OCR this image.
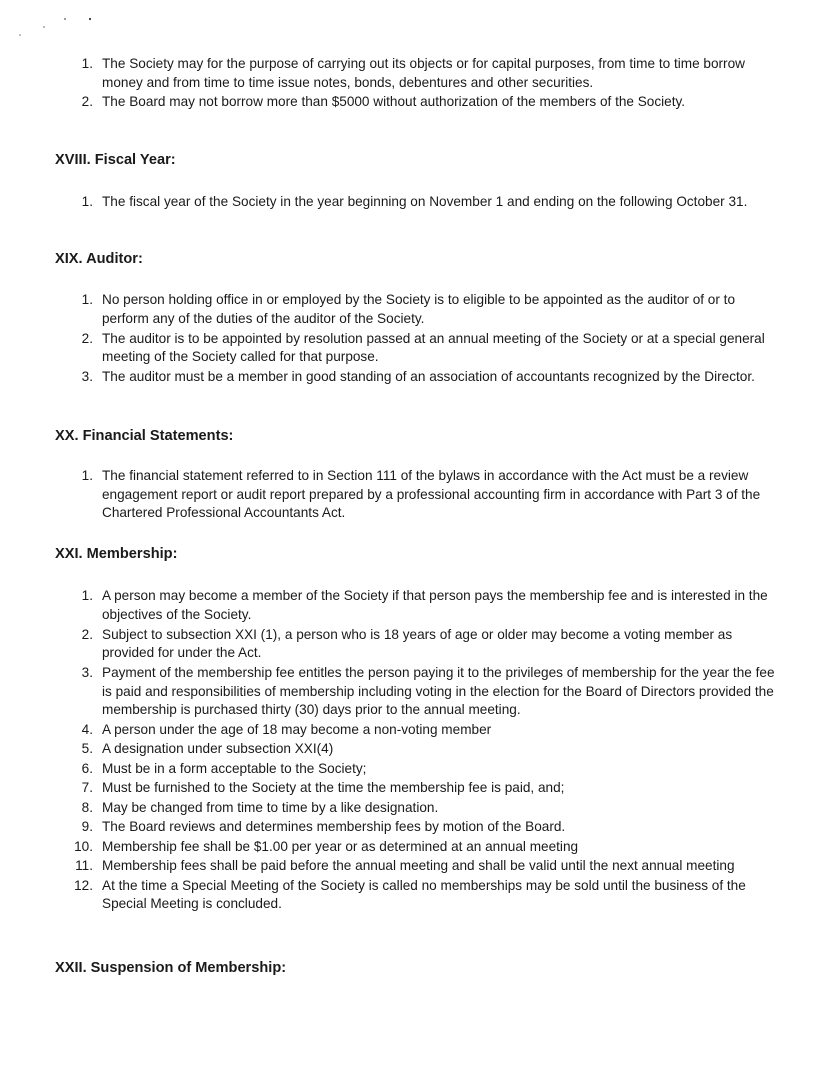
1. The Society may for the purpose of carrying out its objects or for capital purposes, from time to time borrow money and from time to time issue notes, bonds, debentures and other securities.
2. The Board may not borrow more than $5000 without authorization of the members of the Society.
XVIII. Fiscal Year:
1. The fiscal year of the Society in the year beginning on November 1 and ending on the following October 31.
XIX. Auditor:
1. No person holding office in or employed by the Society is to eligible to be appointed as the auditor of or to perform any of the duties of the auditor of the Society.
2. The auditor is to be appointed by resolution passed at an annual meeting of the Society or at a special general meeting of the Society called for that purpose.
3. The auditor must be a member in good standing of an association of accountants recognized by the Director.
XX. Financial Statements:
1. The financial statement referred to in Section 111 of the bylaws in accordance with the Act must be a review engagement report or audit report prepared by a professional accounting firm in accordance with Part 3 of the Chartered Professional Accountants Act.
XXI. Membership:
1. A person may become a member of the Society if that person pays the membership fee and is interested in the objectives of the Society.
2. Subject to subsection XXI (1), a person who is 18 years of age or older may become a voting member as provided for under the Act.
3. Payment of the membership fee entitles the person paying it to the privileges of membership for the year the fee is paid and responsibilities of membership including voting in the election for the Board of Directors provided the membership is purchased thirty (30) days prior to the annual meeting.
4. A person under the age of 18 may become a non-voting member
5. A designation under subsection XXI(4)
6. Must be in a form acceptable to the Society;
7. Must be furnished to the Society at the time the membership fee is paid, and;
8. May be changed from time to time by a like designation.
9. The Board reviews and determines membership fees by motion of the Board.
10. Membership fee shall be $1.00 per year or as determined at an annual meeting
11. Membership fees shall be paid before the annual meeting and shall be valid until the next annual meeting
12. At the time a Special Meeting of the Society is called no memberships may be sold until the business of the Special Meeting is concluded.
XXII. Suspension of Membership:
